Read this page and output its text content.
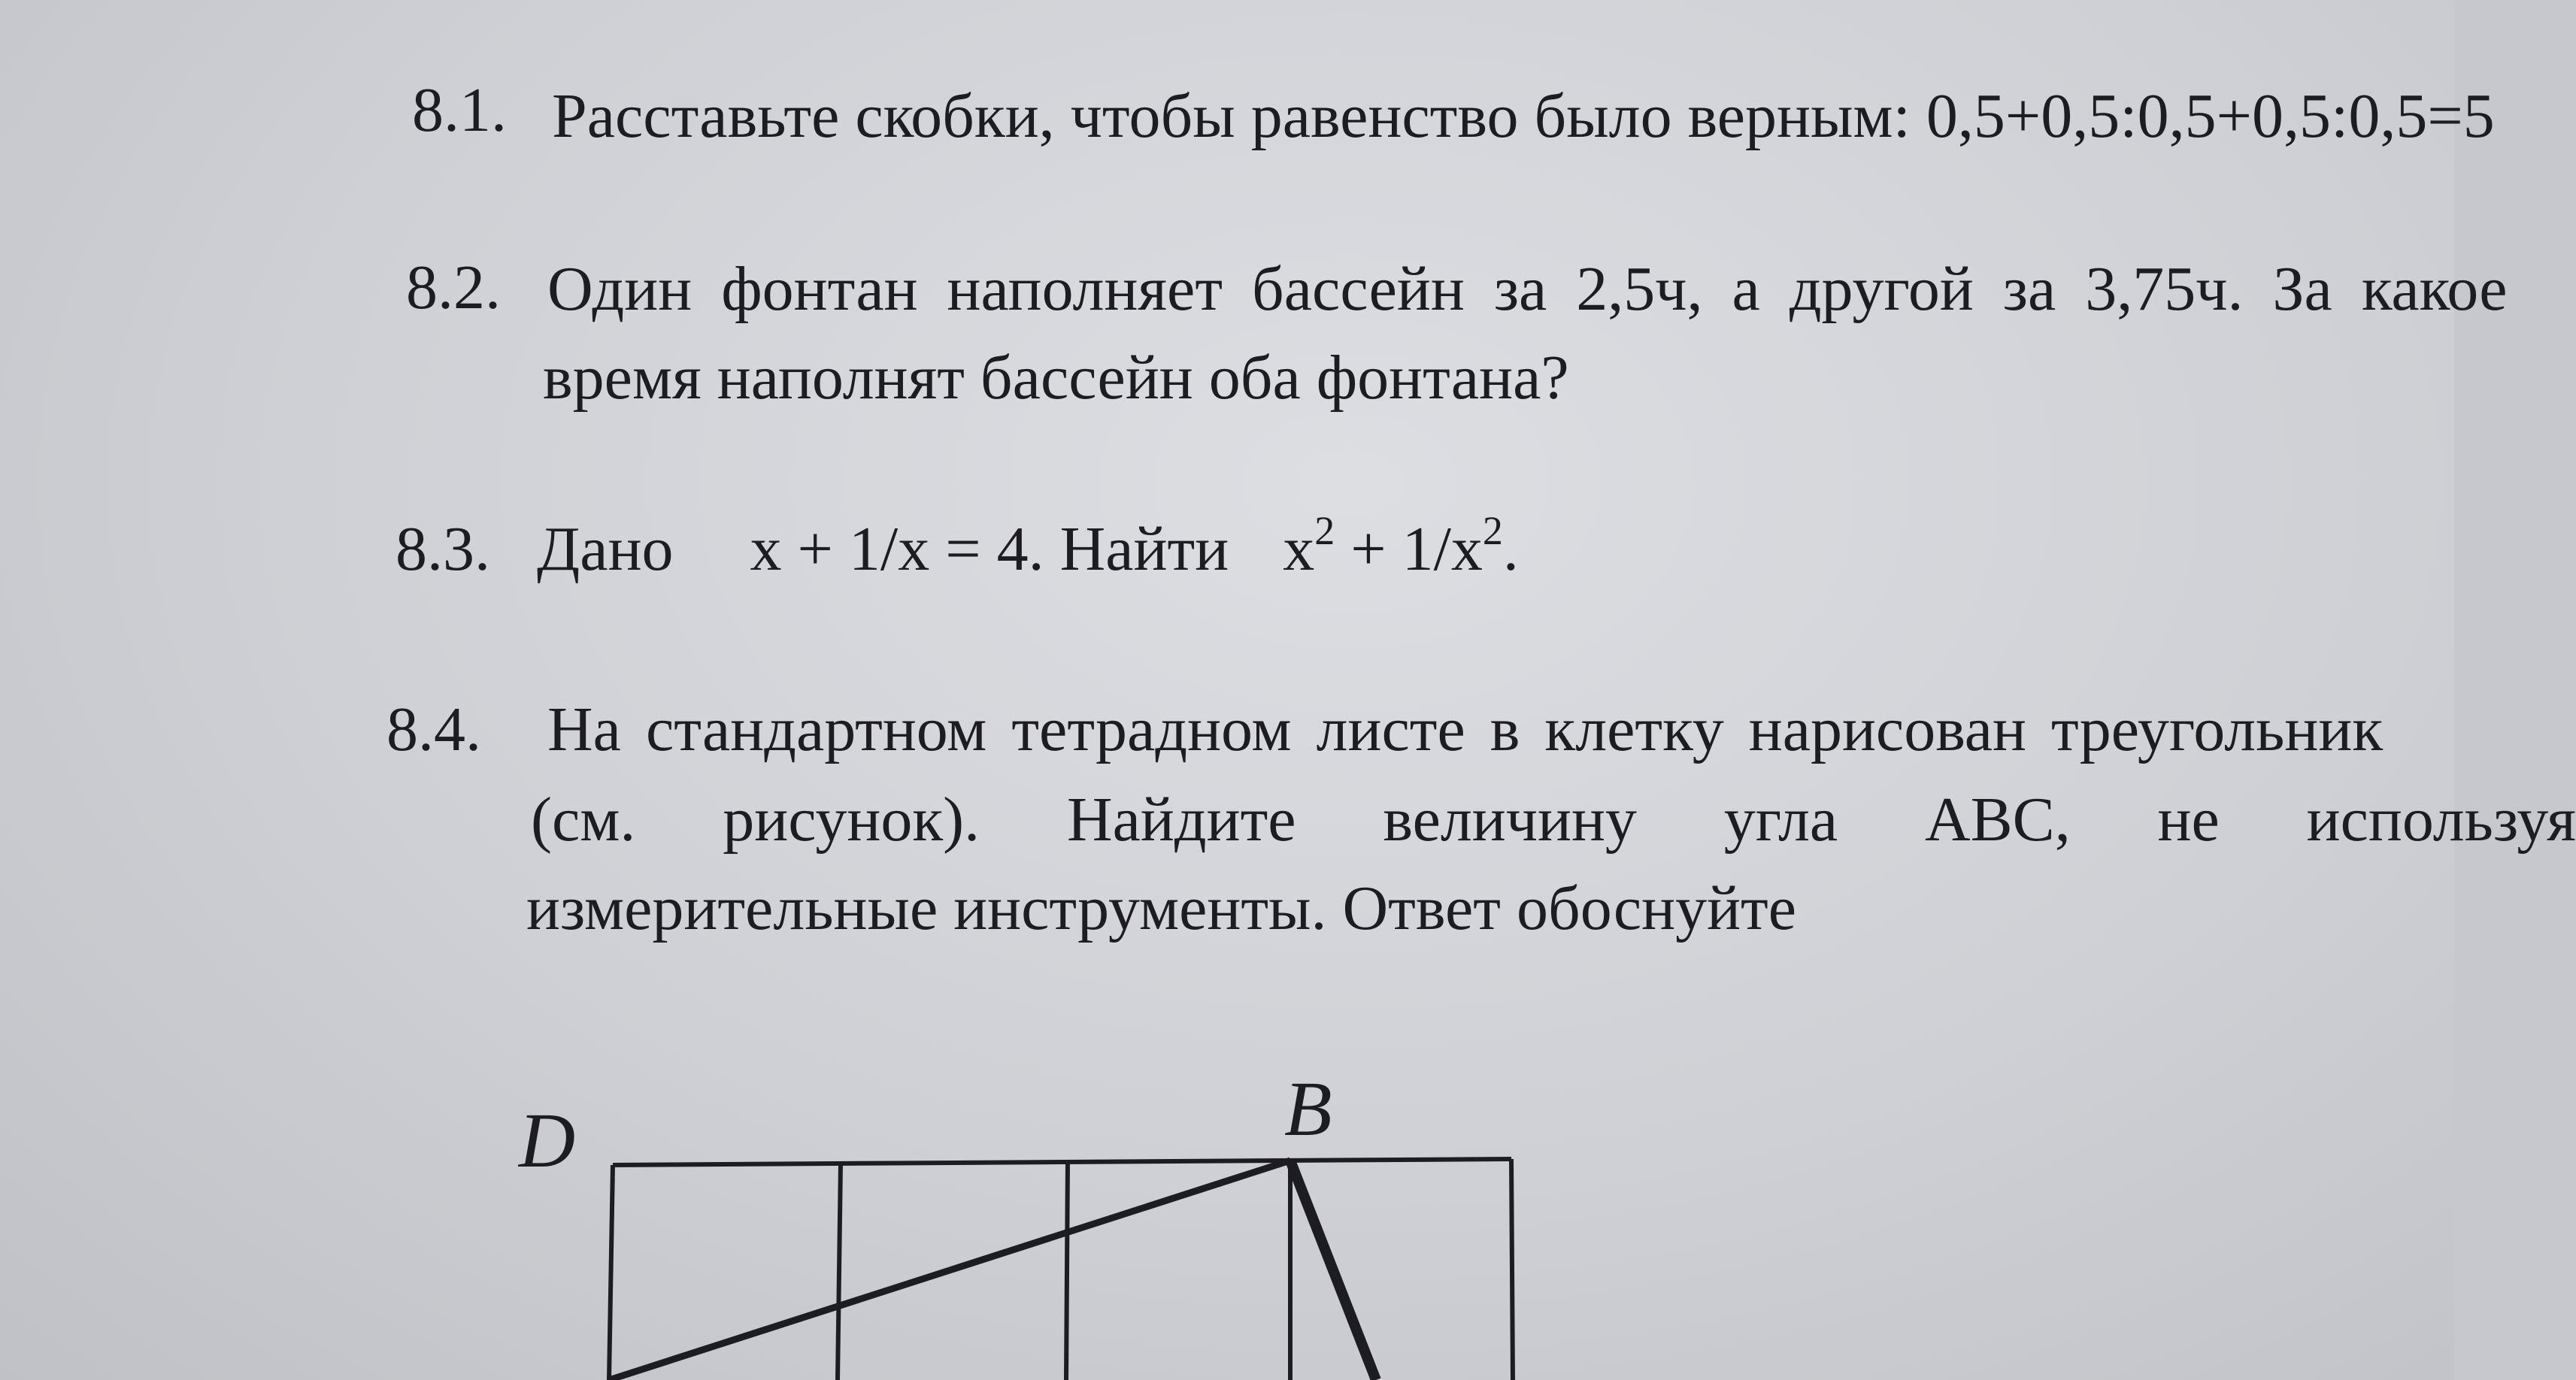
8.1. Расставьте скобки, чтобы равенство было верным: 0,5+0,5:0,5+0,5:0,5=5
8.2. Один фонтан наполняет бассейн за 2,5ч, а другой за 3,75ч. За какое
время наполнят бассейн оба фонтана?
8.3. Дано x + 1/x = 4. Найти $x^2 + 1/x^2$.
8.4. На стандартном тетрадном листе в клетку нарисован треугольник
(см. рисунок). Найдите величину угла ABC, не используя
измерительные инструменты. Ответ обоснуйте
D	B
